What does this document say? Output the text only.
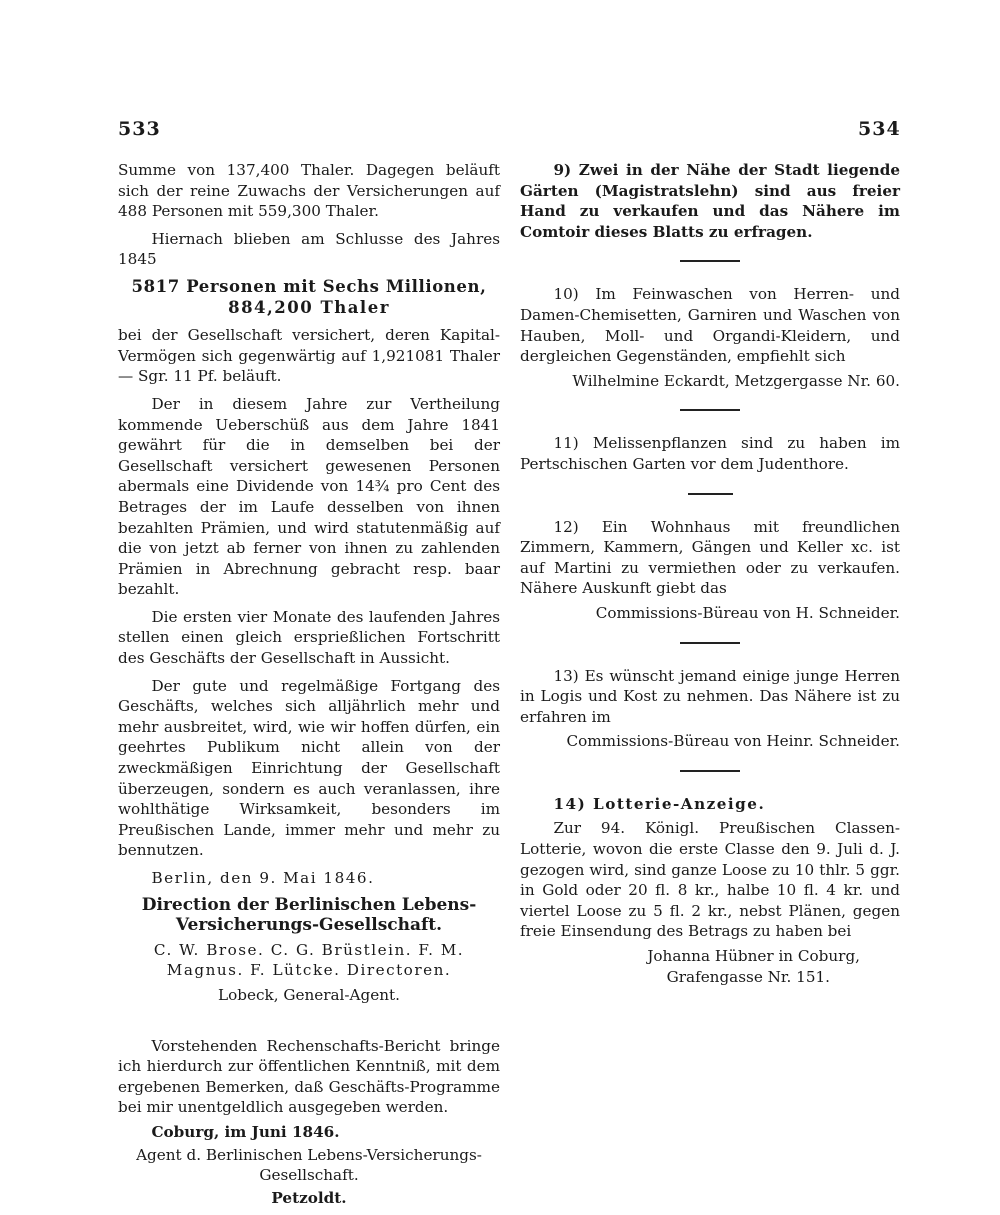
533	534

Summe von 137,400 Thaler. Dagegen beläuft sich der reine Zuwachs der Versicherungen auf 488 Personen mit 559,300 Thaler.

Hiernach blieben am Schlusse des Jahres 1845

5817 Personen mit Sechs Millionen,

884,200 Thaler

bei der Gesellschaft versichert, deren Kapital-Vermögen sich gegenwärtig auf 1,921081 Thaler — Sgr. 11 Pf. beläuft.

Der in diesem Jahre zur Vertheilung kommende Ueberschüß aus dem Jahre 1841 gewährt für die in demselben bei der Gesellschaft versichert gewesenen Personen abermals eine Dividende von 14¾ pro Cent des Betrages der im Laufe desselben von ihnen bezahlten Prämien, und wird statutenmäßig auf die von jetzt ab ferner von ihnen zu zahlenden Prämien in Abrechnung gebracht resp. baar bezahlt.

Die ersten vier Monate des laufenden Jahres stellen einen gleich ersprießlichen Fortschritt des Geschäfts der Gesellschaft in Aussicht.

Der gute und regelmäßige Fortgang des Geschäfts, welches sich alljährlich mehr und mehr ausbreitet, wird, wie wir hoffen dürfen, ein geehrtes Publikum nicht allein von der zweckmäßigen Einrichtung der Gesellschaft überzeugen, sondern es auch veranlassen, ihre wohlthätige Wirksamkeit, besonders im Preußischen Lande, immer mehr und mehr zu bennutzen.

Berlin, den 9. Mai 1846.

Direction der Berlinischen Lebens-Versicherungs-Gesellschaft.

C. W. Brose. C. G. Brüstlein. F. M. Magnus. F. Lütcke. Directoren.

Lobeck, General-Agent.

Vorstehenden Rechenschafts-Bericht bringe ich hierdurch zur öffentlichen Kenntniß, mit dem ergebenen Bemerken, daß Geschäfts-Programme bei mir unentgeldlich ausgegeben werden.

Coburg, im Juni 1846.

Agent d. Berlinischen Lebens-Versicherungs-Gesellschaft.

Petzoldt.

9) Zwei in der Nähe der Stadt liegende Gärten (Magistratslehn) sind aus freier Hand zu verkaufen und das Nähere im Comtoir dieses Blatts zu erfragen.

10) Im Feinwaschen von Herren- und Damen-Chemisetten, Garniren und Waschen von Hauben, Moll- und Organdi-Kleidern, und dergleichen Gegenständen, empfiehlt sich

Wilhelmine Eckardt, Metzgergasse Nr. 60.

11) Melissenpflanzen sind zu haben im Pertschischen Garten vor dem Judenthore.

12) Ein Wohnhaus mit freundlichen Zimmern, Kammern, Gängen und Keller xc. ist auf Martini zu vermiethen oder zu verkaufen. Nähere Auskunft giebt das

Commissions-Büreau von H. Schneider.

13) Es wünscht jemand einige junge Herren in Logis und Kost zu nehmen. Das Nähere ist zu erfahren im

Commissions-Büreau von Heinr. Schneider.

14) Lotterie-Anzeige.

Zur 94. Königl. Preußischen Classen-Lotterie, wovon die erste Classe den 9. Juli d. J. gezogen wird, sind ganze Loose zu 10 thlr. 5 ggr. in Gold oder 20 fl. 8 kr., halbe 10 fl. 4 kr. und viertel Loose zu 5 fl. 2 kr., nebst Plänen, gegen freie Einsendung des Betrags zu haben bei

Johanna Hübner in Coburg,

Grafengasse Nr. 151.
